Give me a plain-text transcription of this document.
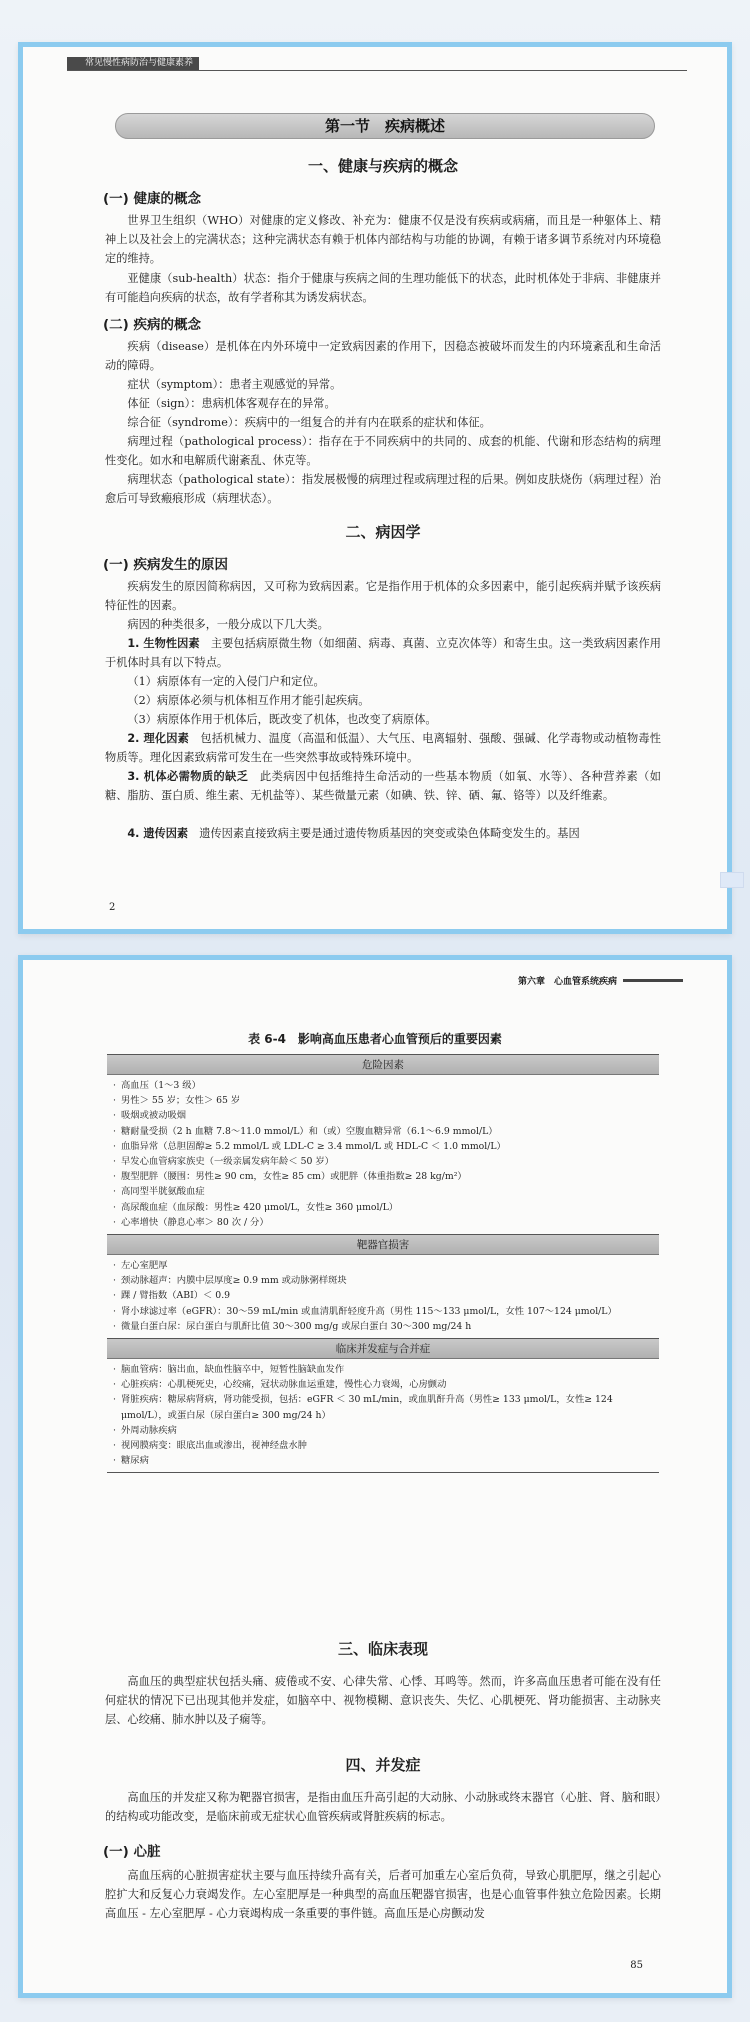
常见慢性病防治与健康素养
第一节　疾病概述
一、健康与疾病的概念
(一) 健康的概念
世界卫生组织（WHO）对健康的定义修改、补充为：健康不仅是没有疾病或病痛，而且是一种躯体上、精神上以及社会上的完满状态；这种完满状态有赖于机体内部结构与功能的协调，有赖于诸多调节系统对内环境稳定的维持。
亚健康（sub-health）状态：指介于健康与疾病之间的生理功能低下的状态，此时机体处于非病、非健康并有可能趋向疾病的状态，故有学者称其为诱发病状态。
(二) 疾病的概念
疾病（disease）是机体在内外环境中一定致病因素的作用下，因稳态被破坏而发生的内环境紊乱和生命活动的障碍。
症状（symptom）：患者主观感觉的异常。
体征（sign）：患病机体客观存在的异常。
综合征（syndrome）：疾病中的一组复合的并有内在联系的症状和体征。
病理过程（pathological process）：指存在于不同疾病中的共同的、成套的机能、代谢和形态结构的病理性变化。如水和电解质代谢紊乱、休克等。
病理状态（pathological state）：指发展极慢的病理过程或病理过程的后果。例如皮肤烧伤（病理过程）治愈后可导致瘢痕形成（病理状态）。
二、病因学
(一) 疾病发生的原因
疾病发生的原因简称病因，又可称为致病因素。它是指作用于机体的众多因素中，能引起疾病并赋予该疾病特征性的因素。
病因的种类很多，一般分成以下几大类。
1. 生物性因素　主要包括病原微生物（如细菌、病毒、真菌、立克次体等）和寄生虫。这一类致病因素作用于机体时具有以下特点。
（1）病原体有一定的入侵门户和定位。
（2）病原体必须与机体相互作用才能引起疾病。
（3）病原体作用于机体后，既改变了机体，也改变了病原体。
2. 理化因素　包括机械力、温度（高温和低温）、大气压、电离辐射、强酸、强碱、化学毒物或动植物毒性物质等。理化因素致病常可发生在一些突然事故或特殊环境中。
3. 机体必需物质的缺乏　此类病因中包括维持生命活动的一些基本物质（如氧、水等）、各种营养素（如糖、脂肪、蛋白质、维生素、无机盐等）、某些微量元素（如碘、铁、锌、硒、氟、铬等）以及纤维素。
4. 遗传因素　遗传因素直接致病主要是通过遗传物质基因的突变或染色体畸变发生的。基因
2
第六章　心血管系统疾病
表 6-4　影响高血压患者心血管预后的重要因素
危险因素
· 高血压（1～3 级）
· 男性＞ 55 岁；女性＞ 65 岁
· 吸烟或被动吸烟
· 糖耐量受损（2 h 血糖 7.8～11.0 mmol/L）和（或）空腹血糖异常（6.1～6.9 mmol/L）
· 血脂异常（总胆固醇≥ 5.2 mmol/L 或 LDL-C ≥ 3.4 mmol/L 或 HDL-C ＜ 1.0 mmol/L）
· 早发心血管病家族史（一级亲属发病年龄＜ 50 岁）
· 腹型肥胖（腰围：男性≥ 90 cm，女性≥ 85 cm）或肥胖（体重指数≥ 28 kg/m²）
· 高同型半胱氨酸血症
· 高尿酸血症（血尿酸：男性≥ 420 μmol/L，女性≥ 360 μmol/L）
· 心率增快（静息心率＞ 80 次 / 分）
靶器官损害
· 左心室肥厚
· 颈动脉超声：内膜中层厚度≥ 0.9 mm 或动脉粥样斑块
· 踝 / 臂指数（ABI）＜ 0.9
· 肾小球滤过率（eGFR）：30～59 mL/min 或血清肌酐轻度升高（男性 115～133 μmol/L，女性 107～124 μmol/L）
· 微量白蛋白尿：尿白蛋白与肌酐比值 30～300 mg/g 或尿白蛋白 30～300 mg/24 h
临床并发症与合并症
· 脑血管病：脑出血，缺血性脑卒中，短暂性脑缺血发作
· 心脏疾病：心肌梗死史，心绞痛，冠状动脉血运重建，慢性心力衰竭，心房颤动
· 肾脏疾病：糖尿病肾病，肾功能受损，包括：eGFR ＜ 30 mL/min，或血肌酐升高（男性≥ 133 μmol/L，女性≥ 124 μmol/L），或蛋白尿（尿白蛋白≥ 300 mg/24 h）
· 外周动脉疾病
· 视网膜病变：眼底出血或渗出，视神经盘水肿
· 糖尿病
三、临床表现
高血压的典型症状包括头痛、疲倦或不安、心律失常、心悸、耳鸣等。然而，许多高血压患者可能在没有任何症状的情况下已出现其他并发症，如脑卒中、视物模糊、意识丧失、失忆、心肌梗死、肾功能损害、主动脉夹层、心绞痛、肺水肿以及子痫等。
四、并发症
高血压的并发症又称为靶器官损害，是指由血压升高引起的大动脉、小动脉或终末器官（心脏、肾、脑和眼）的结构或功能改变，是临床前或无症状心血管疾病或肾脏疾病的标志。
(一) 心脏
高血压病的心脏损害症状主要与血压持续升高有关，后者可加重左心室后负荷，导致心肌肥厚，继之引起心腔扩大和反复心力衰竭发作。左心室肥厚是一种典型的高血压靶器官损害，也是心血管事件独立危险因素。长期高血压 - 左心室肥厚 - 心力衰竭构成一条重要的事件链。高血压是心房颤动发
85
